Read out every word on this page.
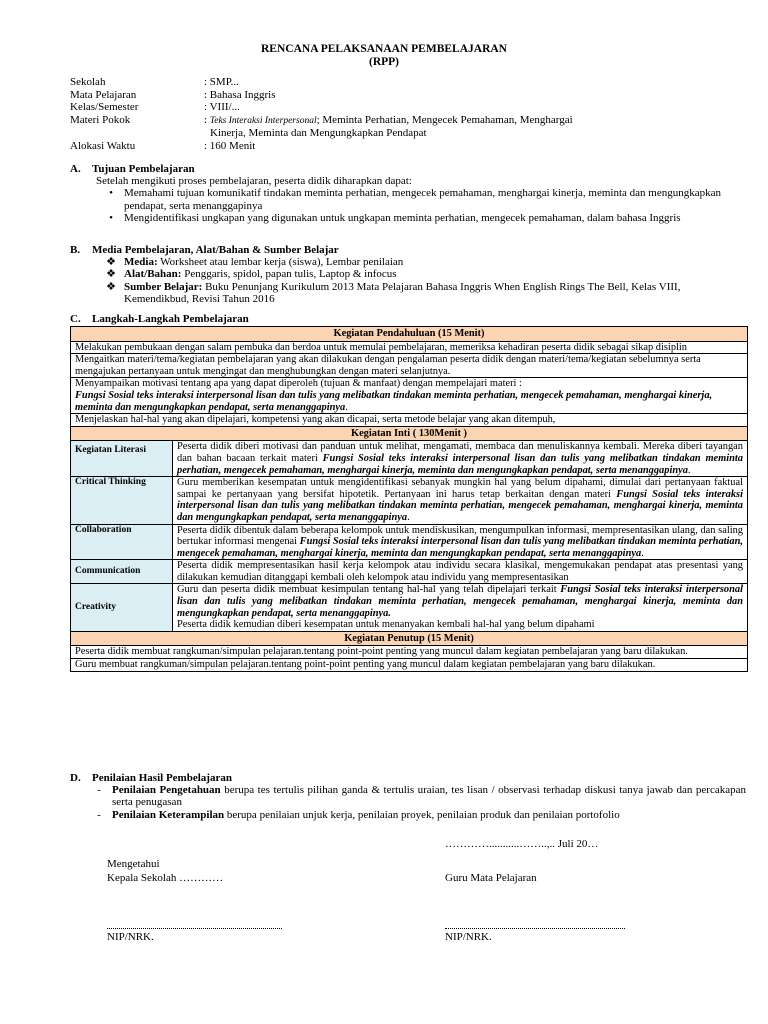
RENCANA PELAKSANAAN PEMBELAJARAN
(RPP)
Sekolah	: SMP...
Mata Pelajaran	: Bahasa Inggris
Kelas/Semester	: VIII/...
Materi Pokok	: Teks Interaksi Interpersonal; Meminta Perhatian, Mengecek Pemahaman, Menghargai
Kinerja, Meminta dan Mengungkapkan Pendapat
Alokasi Waktu	: 160 Menit
A. Tujuan Pembelajaran
Setelah mengikuti proses pembelajaran, peserta didik diharapkan dapat:
•	Memahami tujuan komunikatif tindakan meminta perhatian, mengecek pemahaman, menghargai kinerja, meminta dan mengungkapkan pendapat, serta menanggapinya
•	Mengidentifikasi ungkapan yang digunakan untuk ungkapan meminta perhatian, mengecek pemahaman, dalam bahasa Inggris
B. Media Pembelajaran, Alat/Bahan & Sumber Belajar
❖ Media: Worksheet atau lembar kerja (siswa), Lembar penilaian
❖ Alat/Bahan: Penggaris, spidol, papan tulis, Laptop & infocus
❖ Sumber Belajar: Buku Penunjang Kurikulum 2013 Mata Pelajaran Bahasa Inggris When English Rings The Bell, Kelas VIII, Kemendikbud, Revisi Tahun 2016
C. Langkah-Langkah Pembelajaran
Kegiatan Pendahuluan (15 Menit)	
Melakukan pembukaan dengan salam pembuka dan berdoa untuk memulai pembelajaran, memeriksa kehadiran peserta didik sebagai sikap disiplin	
Mengaitkan materi/tema/kegiatan pembelajaran yang akan dilakukan dengan pengalaman peserta didik dengan materi/tema/kegiatan sebelumnya serta mengajukan pertanyaan untuk mengingat dan menghubungkan dengan materi selanjutnya.	
Menyampaikan motivasi tentang apa yang dapat diperoleh (tujuan & manfaat) dengan mempelajari materi :
Fungsi Sosial teks interaksi interpersonal lisan dan tulis yang melibatkan tindakan meminta perhatian, mengecek pemahaman, menghargai kinerja, meminta dan mengungkapkan pendapat, serta menanggapinya.	
Menjelaskan hal-hal yang akan dipelajari, kompetensi yang akan dicapai, serta metode belajar yang akan ditempuh,	
Kegiatan Inti ( 130Menit )	
Kegiatan Literasi	Peserta didik diberi motivasi dan panduan untuk melihat, mengamati, membaca dan menuliskannya kembali. Mereka diberi tayangan dan bahan bacaan terkait materi Fungsi Sosial teks interaksi interpersonal lisan dan tulis yang melibatkan tindakan meminta perhatian, mengecek pemahaman, menghargai kinerja, meminta dan mengungkapkan pendapat, serta menanggapinya.
Critical Thinking	Guru memberikan kesempatan untuk mengidentifikasi sebanyak mungkin hal yang belum dipahami, dimulai dari pertanyaan faktual sampai ke pertanyaan yang bersifat hipotetik. Pertanyaan ini harus tetap berkaitan dengan materi Fungsi Sosial teks interaksi interpersonal lisan dan tulis yang melibatkan tindakan meminta perhatian, mengecek pemahaman, menghargai kinerja, meminta dan mengungkapkan pendapat, serta menanggapinya.
Collaboration	Peserta didik dibentuk dalam beberapa kelompok untuk mendiskusikan, mengumpulkan informasi, mempresentasikan ulang, dan saling bertukar informasi mengenai Fungsi Sosial teks interaksi interpersonal lisan dan tulis yang melibatkan tindakan meminta perhatian, mengecek pemahaman, menghargai kinerja, meminta dan mengungkapkan pendapat, serta menanggapinya.
Communication	Peserta didik mempresentasikan hasil kerja kelompok atau individu secara klasikal, mengemukakan pendapat atas presentasi yang dilakukan kemudian ditanggapi kembali oleh kelompok atau individu yang mempresentasikan
Creativity	Guru dan peserta didik membuat kesimpulan tentang hal-hal yang telah dipelajari terkait Fungsi Sosial teks interaksi interpersonal lisan dan tulis yang melibatkan tindakan meminta perhatian, mengecek pemahaman, menghargai kinerja, meminta dan mengungkapkan pendapat, serta menanggapinya.
Peserta didik kemudian diberi kesempatan untuk menanyakan kembali hal-hal yang belum dipahami
Kegiatan Penutup (15 Menit)	
Peserta didik membuat rangkuman/simpulan pelajaran.tentang point-point penting yang muncul dalam kegiatan pembelajaran yang baru dilakukan.	
Guru membuat rangkuman/simpulan pelajaran.tentang point-point penting yang muncul dalam kegiatan pembelajaran yang baru dilakukan.	
D. Penilaian Hasil Pembelajaran
-	Penilaian Pengetahuan berupa tes tertulis pilihan ganda & tertulis uraian, tes lisan / observasi terhadap diskusi tanya jawab dan percakapan serta penugasan
-	Penilaian Keterampilan berupa penilaian unjuk kerja, penilaian proyek, penilaian produk dan penilaian portofolio
…………...........……..,.. Juli 20…
Mengetahui
Kepala Sekolah …………	Guru Mata Pelajaran
NIP/NRK.	NIP/NRK.
